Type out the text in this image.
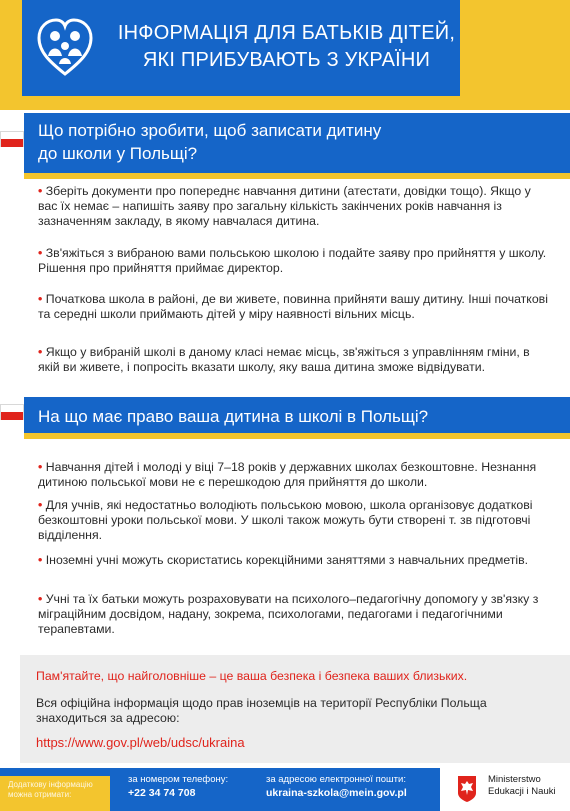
ІНФОРМАЦІЯ ДЛЯ БАТЬКІВ ДІТЕЙ,
ЯКІ ПРИБУВАЮТЬ З УКРАЇНИ
Що потрібно зробити, щоб записати дитину
до школи у Польщі?
• Зберіть документи про попереднє навчання дитини (атестати, довідки тощо). Якщо у вас їх немає – напишіть заяву про загальну кількість закінчених років навчання із зазначенням закладу, в якому навчалася дитина.
• Зв'яжіться з вибраною вами польською школою і подайте заяву про прийняття у школу. Рішення про прийняття приймає директор.
• Початкова школа в районі, де ви живете, повинна прийняти вашу дитину. Інші початкові та середні школи приймають дітей у міру наявності вільних місць.
• Якщо у вибраній школі в даному класі немає місць, зв'яжіться з управлінням гміни, в якій ви живете, і попросіть вказати школу, яку ваша дитина зможе відвідувати.
На що має право ваша дитина в школі в Польщі?
• Навчання дітей і молоді у віці 7–18 років у державних школах безкоштовне. Незнання дитиною польської мови не є перешкодою для прийняття до школи.
• Для учнів, які недостатньо володіють польською мовою, школа організовує додаткові безкоштовні уроки польської мови. У школі також можуть бути створені т. зв підготовчі відділення.
• Іноземні учні можуть скористатись корекційними заняттями з навчальних предметів.
• Учні та їх батьки можуть розраховувати на психолого–педагогічну допомогу у зв'язку з міграційним досвідом, надану, зокрема, психологами, педагогами і педагогічними терапевтами.
Пам'ятайте, що найголовніше – це ваша безпека і безпека ваших близьких.
Вся офіційна інформація щодо прав іноземців на території Республіки Польща знаходиться за адресою:
https://www.gov.pl/web/udsc/ukraina
Додаткову інформацію
можна отримати:
за номером телефону:
+22 34 74 708
за адресою електронної пошти:
ukraina-szkola@mein.gov.pl
Ministerstwo
Edukacji i Nauki
